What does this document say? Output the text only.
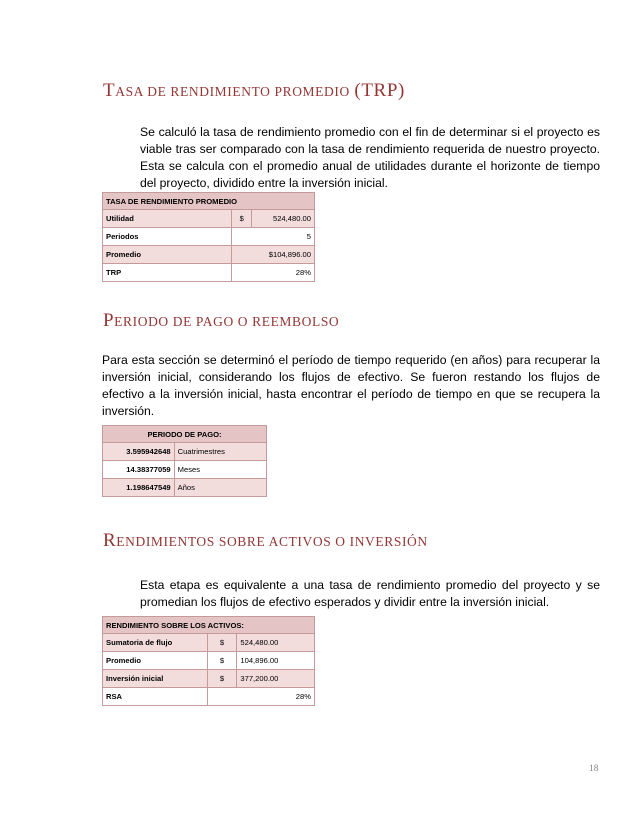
TASA DE RENDIMIENTO PROMEDIO (TRP)

Se calculó la tasa de rendimiento promedio con el fin de determinar si el proyecto es viable tras ser comparado con la tasa de rendimiento requerida de nuestro proyecto. Esta se calcula con el promedio anual de utilidades durante el horizonte de tiempo del proyecto, dividido entre la inversión inicial.

TASA DE RENDIMIENTO PROMEDIO		
Utilidad	$	524,480.00
Periodos	5	
Promedio	$104,896.00	
TRP	28%	
PERIODO DE PAGO O REEMBOLSO

Para esta sección se determinó el período de tiempo requerido (en años) para recuperar la inversión inicial, considerando los flujos de efectivo. Se fueron restando los flujos de efectivo a la inversión inicial, hasta encontrar el período de tiempo en que se recupera la inversión.

PERIODO DE PAGO:	
3.595942648	Cuatrimestres
14.38377059	Meses
1.198647549	Años
RENDIMIENTOS SOBRE ACTIVOS O INVERSIÓN

Esta etapa es equivalente a una tasa de rendimiento promedio del proyecto y se promedian los flujos de efectivo esperados y dividir entre la inversión inicial.

RENDIMIENTO SOBRE LOS ACTIVOS:		
Sumatoria de flujo	$	524,480.00
Promedio	$	104,896.00
Inversión inicial	$	377,200.00
RSA	28%	
18
